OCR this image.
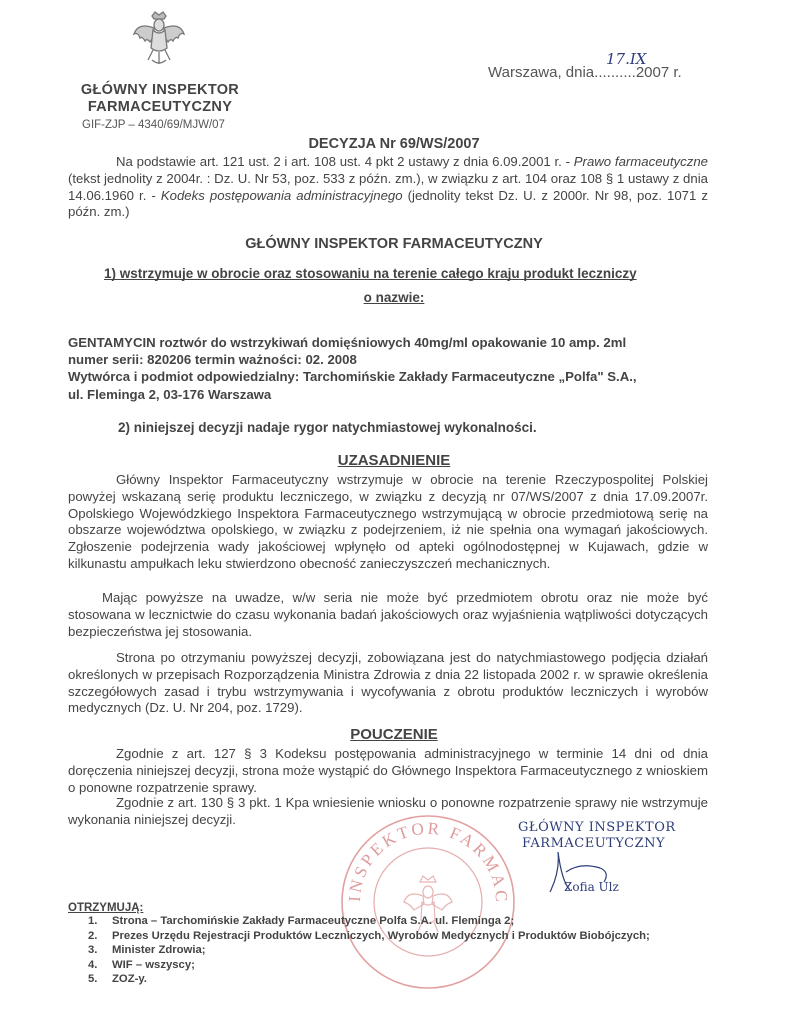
GŁÓWNY INSPEKTOR
FARMACEUTYCZNY
GIF-ZJP – 4340/69/MJW/07
Warszawa, dnia..........2007 r.
17.IX
DECYZJA Nr 69/WS/2007
Na podstawie art. 121 ust. 2 i art. 108 ust. 4 pkt 2 ustawy z dnia 6.09.2001 r. - Prawo farmaceutyczne (tekst jednolity z 2004r. : Dz. U. Nr 53, poz. 533 z późn. zm.), w związku z art. 104 oraz 108 § 1 ustawy z dnia 14.06.1960 r. - Kodeks postępowania administracyjnego (jednolity tekst Dz. U. z 2000r. Nr 98, poz. 1071 z późn. zm.)
GŁÓWNY INSPEKTOR FARMACEUTYCZNY
1) wstrzymuje w obrocie oraz stosowaniu na terenie całego kraju produkt leczniczy
o nazwie:
GENTAMYCIN roztwór do wstrzykiwań domięśniowych 40mg/ml opakowanie 10 amp. 2ml
numer serii: 820206 termin ważności: 02. 2008
Wytwórca i podmiot odpowiedzialny: Tarchomińskie Zakłady Farmaceutyczne „Polfa" S.A.,
ul. Fleminga 2, 03-176 Warszawa
2) niniejszej decyzji nadaje rygor natychmiastowej wykonalności.
UZASADNIENIE
Główny Inspektor Farmaceutyczny wstrzymuje w obrocie na terenie Rzeczypospolitej Polskiej powyżej wskazaną serię produktu leczniczego, w związku z decyzją nr 07/WS/2007 z dnia 17.09.2007r. Opolskiego Wojewódzkiego Inspektora Farmaceutycznego wstrzymującą w obrocie przedmiotową serię na obszarze województwa opolskiego, w związku z podejrzeniem, iż nie spełnia ona wymagań jakościowych. Zgłoszenie podejrzenia wady jakościowej wpłynęło od apteki ogólnodostępnej w Kujawach, gdzie w kilkunastu ampułkach leku stwierdzono obecność zanieczyszczeń mechanicznych.
Mając powyższe na uwadze, w/w seria nie może być przedmiotem obrotu oraz nie może być stosowana w lecznictwie do czasu wykonania badań jakościowych oraz wyjaśnienia wątpliwości dotyczących bezpieczeństwa jej stosowania.
Strona po otrzymaniu powyższej decyzji, zobowiązana jest do natychmiastowego podjęcia działań określonych w przepisach Rozporządzenia Ministra Zdrowia z dnia 22 listopada 2002 r. w sprawie określenia szczegółowych zasad i trybu wstrzymywania i wycofywania z obrotu produktów leczniczych i wyrobów medycznych (Dz. U. Nr 204, poz. 1729).
POUCZENIE
Zgodnie z art. 127 § 3 Kodeksu postępowania administracyjnego w terminie 14 dni od dnia doręczenia niniejszej decyzji, strona może wystąpić do Głównego Inspektora Farmaceutycznego z wnioskiem o ponowne rozpatrzenie sprawy.
Zgodnie z art. 130 § 3 pkt. 1 Kpa wniesienie wniosku o ponowne rozpatrzenie sprawy nie wstrzymuje wykonania niniejszej decyzji.
INSPEKTOR FARMAC
GŁÓWNY INSPEKTOR
FARMACEUTYCZNY
Zofia Ulz
OTRZYMUJĄ:
1. Strona – Tarchomińskie Zakłady Farmaceutyczne Polfa S.A. ul. Fleminga 2;
2. Prezes Urzędu Rejestracji Produktów Leczniczych, Wyrobów Medycznych i Produktów Biobójczych;
3. Minister Zdrowia;
4. WIF – wszyscy;
5. ZOZ-y.
